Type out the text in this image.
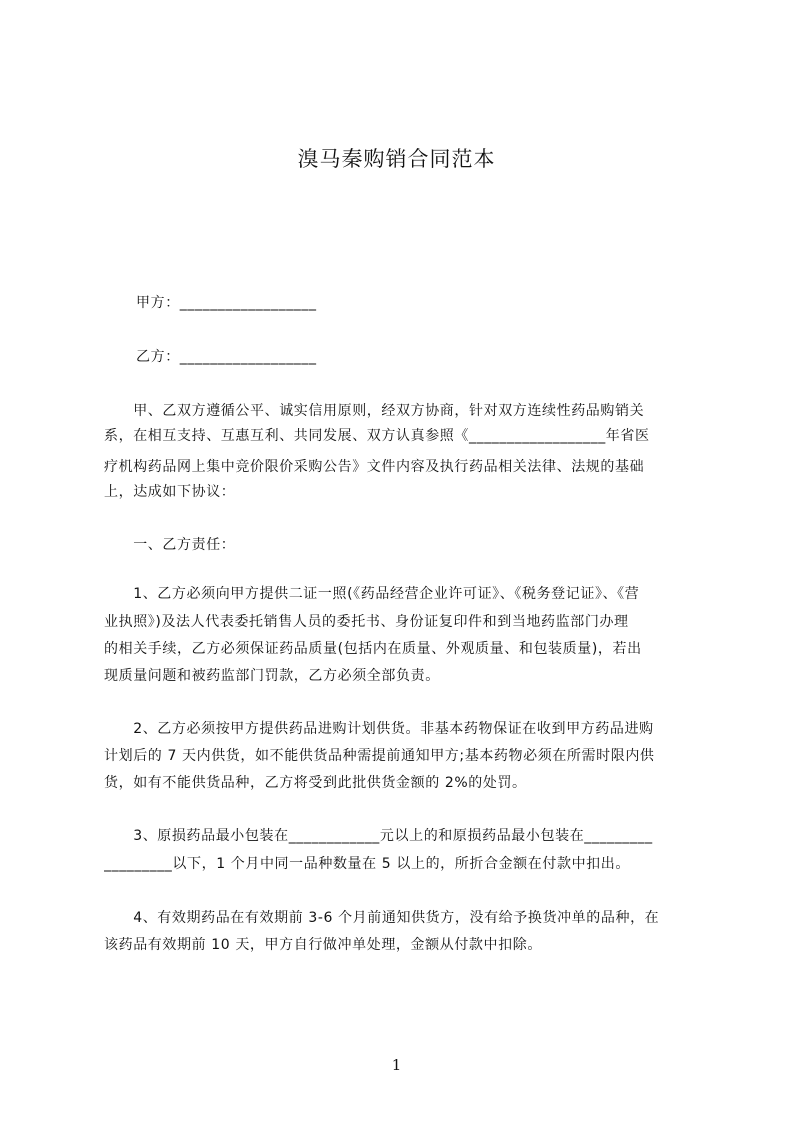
溴马秦购销合同范本
甲方：__________________
乙方：__________________
　　甲、乙双方遵循公平、诚实信用原则，经双方协商，针对双方连续性药品购销关
系，在相互支持、互惠互利、共同发展、双方认真参照《__________________年省医
疗机构药品网上集中竞价限价采购公告》文件内容及执行药品相关法律、法规的基础
上，达成如下协议：
　　一、乙方责任：
　　1、乙方必须向甲方提供二证一照(《药品经营企业许可证》、《税务登记证》、《营
业执照》)及法人代表委托销售人员的委托书、身份证复印件和到当地药监部门办理
的相关手续，乙方必须保证药品质量(包括内在质量、外观质量、和包装质量)，若出
现质量问题和被药监部门罚款，乙方必须全部负责。
　　2、乙方必须按甲方提供药品进购计划供货。非基本药物保证在收到甲方药品进购
计划后的 7 天内供货，如不能供货品种需提前通知甲方;基本药物必须在所需时限内供
货，如有不能供货品种，乙方将受到此批供货金额的 2%的处罚。
　　3、原损药品最小包装在____________元以上的和原损药品最小包装在_________
_________以下，1 个月中同一品种数量在 5 以上的，所折合金额在付款中扣出。
　　4、有效期药品在有效期前 3-6 个月前通知供货方，没有给予换货冲单的品种，在
该药品有效期前 10 天，甲方自行做冲单处理，金额从付款中扣除。
1
